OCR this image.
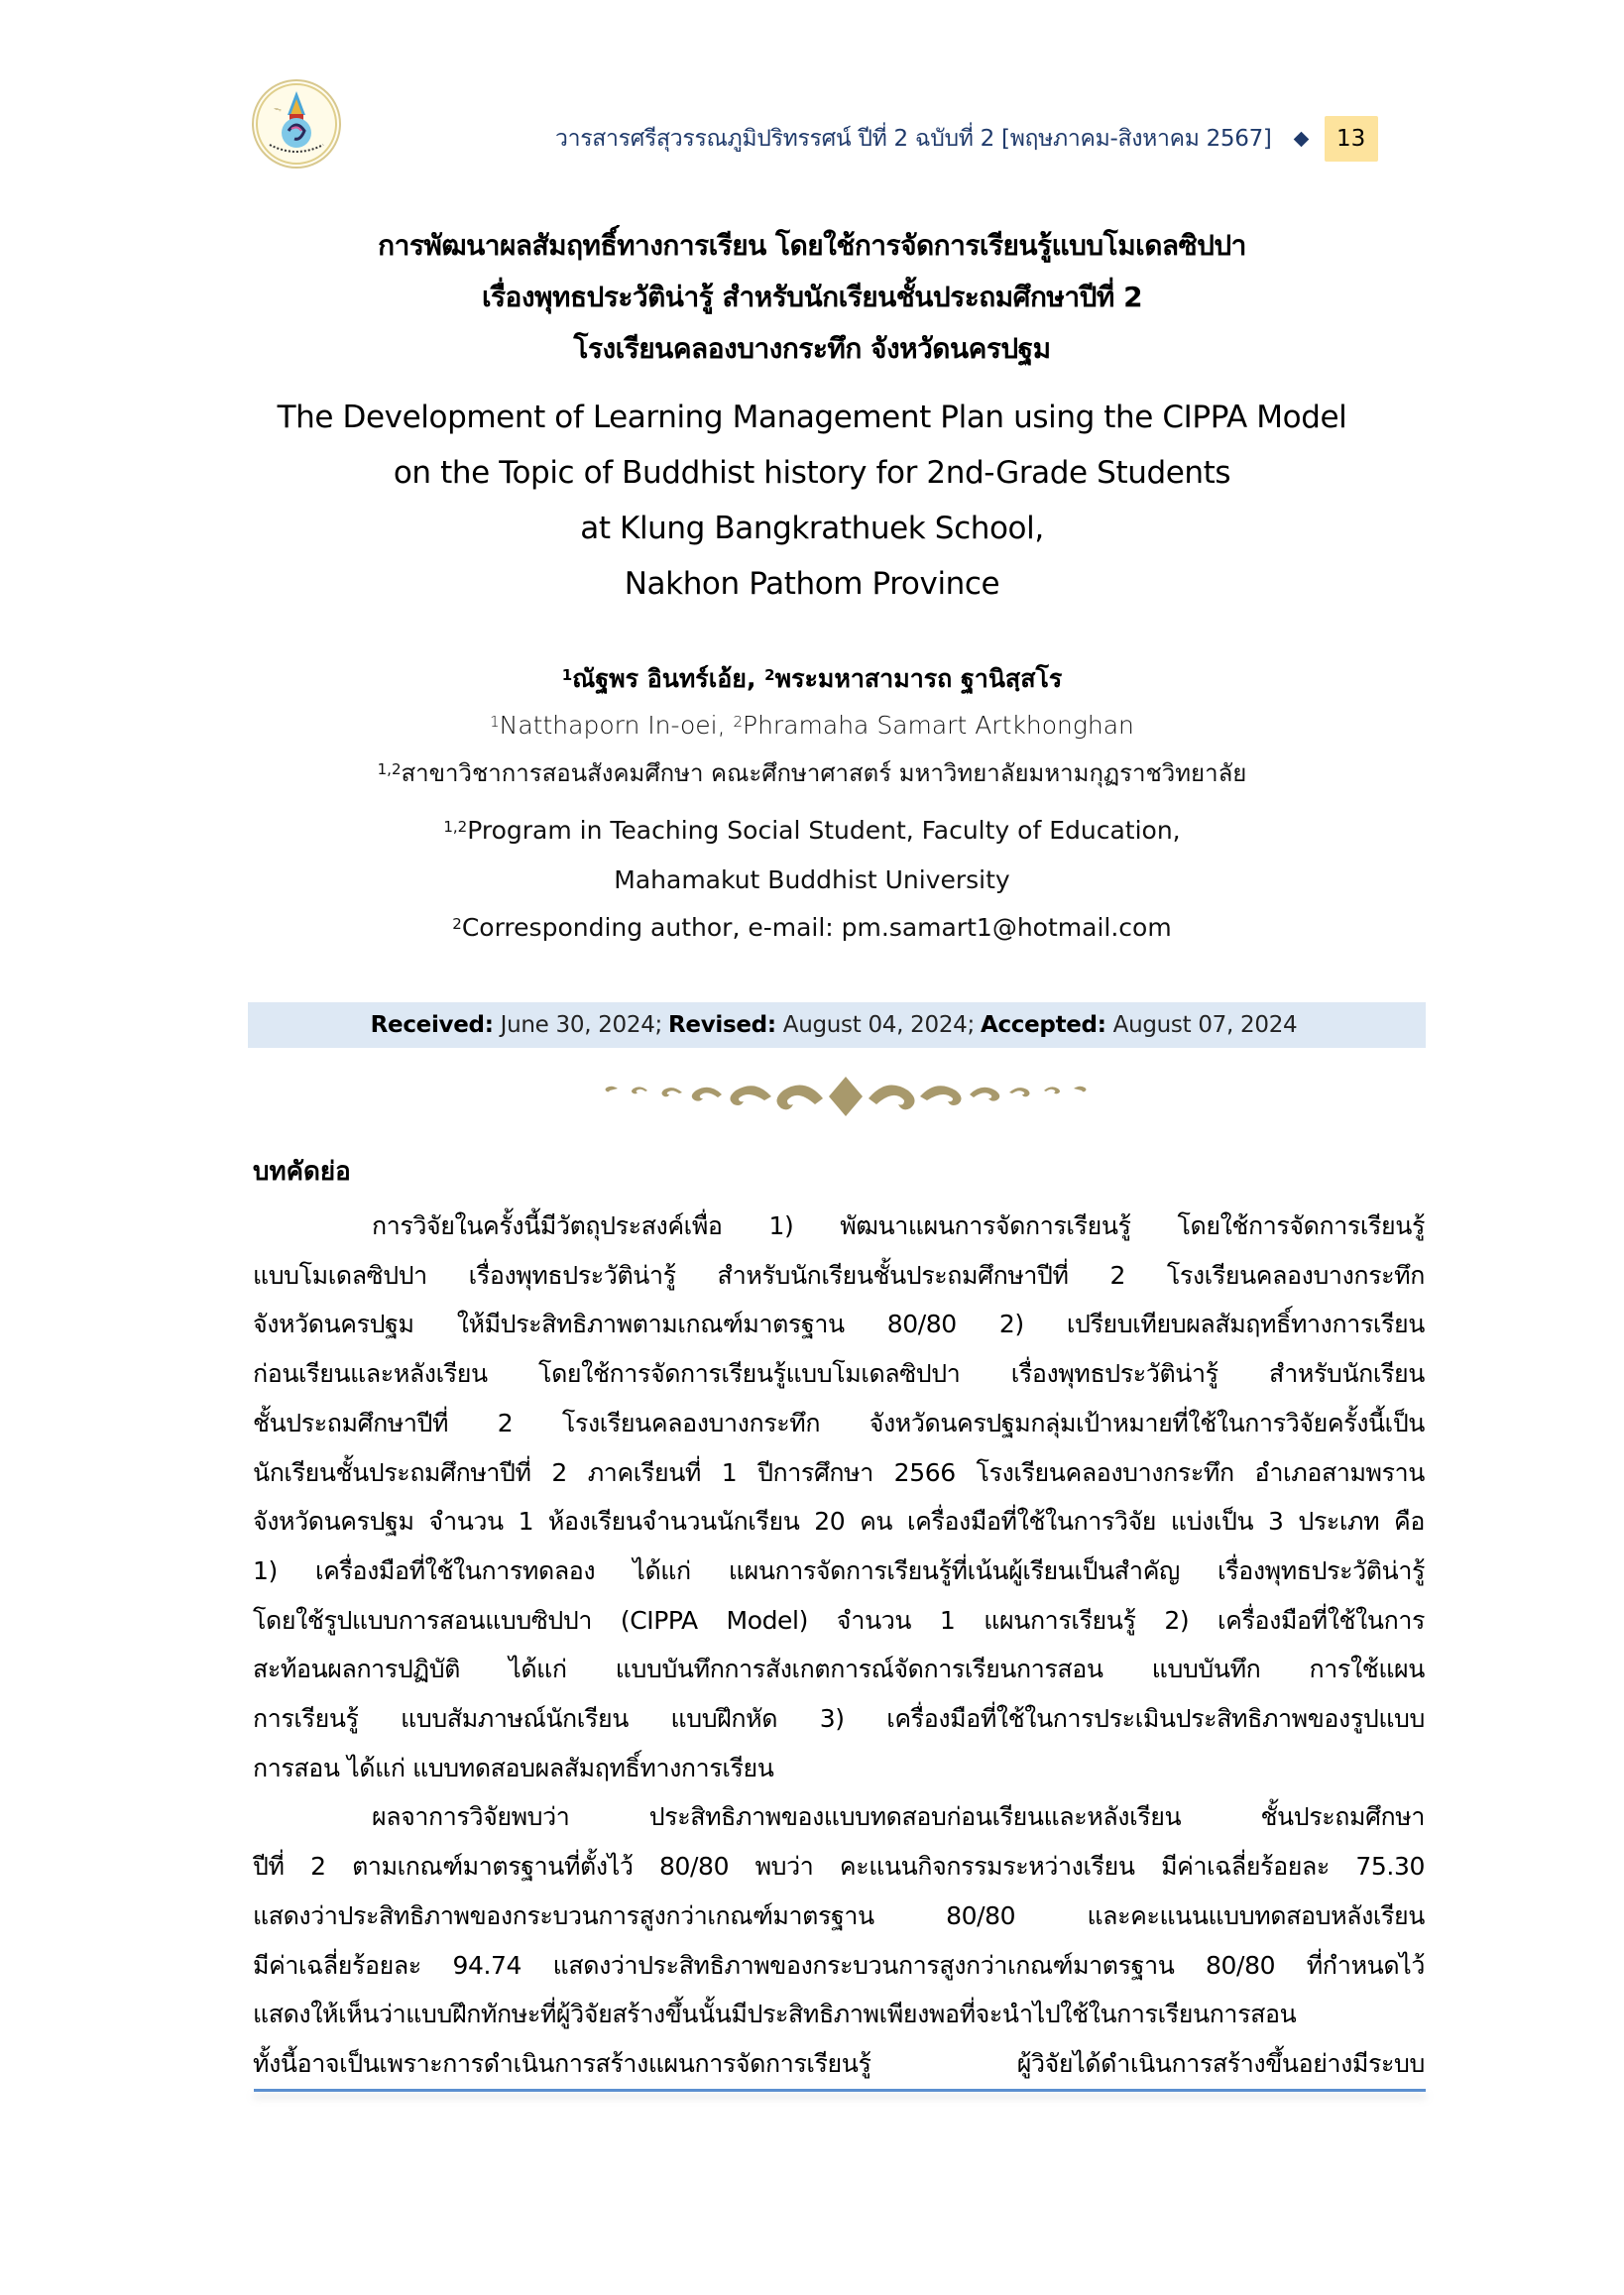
ᯓ
วารสารศรีสุวรรณภูมิปริทรรศน์ ปีที่ 2 ฉบับที่ 2 [พฤษภาคม-สิงหาคม 2567]	13
การพัฒนาผลสัมฤทธิ์ทางการเรียน โดยใช้การจัดการเรียนรู้แบบโมเดลซิปปา
เรื่องพุทธประวัติน่ารู้ สำหรับนักเรียนชั้นประถมศึกษาปีที่ 2
โรงเรียนคลองบางกระทึก จังหวัดนครปฐม
The Development of Learning Management Plan using the CIPPA Model
on the Topic of Buddhist history for 2nd-Grade Students
at Klung Bangkrathuek School,
Nakhon Pathom Province
$^1$ณัฐพร อินทร์เอ้ย, $^2$พระมหาสามารถ ฐานิสฺสโร
$^1$Natthaporn In-oei, $^2$Phramaha Samart Artkhonghan
$^{1,2}$สาขาวิชาการสอนสังคมศึกษา คณะศึกษาศาสตร์ มหาวิทยาลัยมหามกุฏราชวิทยาลัย
$^{1,2}$Program in Teaching Social Student, Faculty of Education,
Mahamakut Buddhist University
$^2$Corresponding author, e-mail: pm.samart1@hotmail.com
Received:
June 30, 2024; Revised:
August 04, 2024; Accepted:
August 07, 2024
บทคัดย่อ
การวิจัยในครั้งนี้มีวัตถุประสงค์เพื่อ 1) พัฒนาแผนการจัดการเรียนรู้ โดยใช้การจัดการเรียนรู้
แบบโมเดลซิปปา เรื่องพุทธประวัติน่ารู้ สำหรับนักเรียนชั้นประถมศึกษาปีที่ 2 โรงเรียนคลองบางกระทึก
จังหวัดนครปฐม ให้มีประสิทธิภาพตามเกณฑ์มาตรฐาน 80/80 2) เปรียบเทียบผลสัมฤทธิ์ทางการเรียน
ก่อนเรียนและหลังเรียน โดยใช้การจัดการเรียนรู้แบบโมเดลซิปปา เรื่องพุทธประวัติน่ารู้ สำหรับนักเรียน
ชั้นประถมศึกษาปีที่ 2 โรงเรียนคลองบางกระทึก จังหวัดนครปฐมกลุ่มเป้าหมายที่ใช้ในการวิจัยครั้งนี้เป็น
นักเรียนชั้นประถมศึกษาปีที่ 2 ภาคเรียนที่ 1 ปีการศึกษา 2566 โรงเรียนคลองบางกระทึก อำเภอสามพราน
จังหวัดนครปฐม จำนวน 1 ห้องเรียนจำนวนนักเรียน 20 คน เครื่องมือที่ใช้ในการวิจัย แบ่งเป็น 3 ประเภท คือ
1) เครื่องมือที่ใช้ในการทดลอง ได้แก่ แผนการจัดการเรียนรู้ที่เน้นผู้เรียนเป็นสำคัญ เรื่องพุทธประวัติน่ารู้
โดยใช้รูปแบบการสอนแบบซิปปา (CIPPA Model) จำนวน 1 แผนการเรียนรู้ 2) เครื่องมือที่ใช้ในการ
สะท้อนผลการปฏิบัติ ได้แก่ แบบบันทึกการสังเกตการณ์จัดการเรียนการสอน แบบบันทึก การใช้แผน
การเรียนรู้ แบบสัมภาษณ์นักเรียน แบบฝึกหัด 3) เครื่องมือที่ใช้ในการประเมินประสิทธิภาพของรูปแบบ
การสอน ได้แก่ แบบทดสอบผลสัมฤทธิ์ทางการเรียน
ผลจาการวิจัยพบว่า ประสิทธิภาพของแบบทดสอบก่อนเรียนและหลังเรียน ชั้นประถมศึกษา
ปีที่ 2 ตามเกณฑ์มาตรฐานที่ตั้งไว้ 80/80 พบว่า คะแนนกิจกรรมระหว่างเรียน มีค่าเฉลี่ยร้อยละ 75.30
แสดงว่าประสิทธิภาพของกระบวนการสูงกว่าเกณฑ์มาตรฐาน 80/80 และคะแนนแบบทดสอบหลังเรียน
มีค่าเฉลี่ยร้อยละ 94.74 แสดงว่าประสิทธิภาพของกระบวนการสูงกว่าเกณฑ์มาตรฐาน 80/80 ที่กำหนดไว้
แสดงให้เห็นว่าแบบฝึกทักษะที่ผู้วิจัยสร้างขึ้นนั้นมีประสิทธิภาพเพียงพอที่จะนำไปใช้ในการเรียนการสอน
ทั้งนี้อาจเป็นเพราะการดำเนินการสร้างแผนการจัดการเรียนรู้ ผู้วิจัยได้ดำเนินการสร้างขึ้นอย่างมีระบบ
